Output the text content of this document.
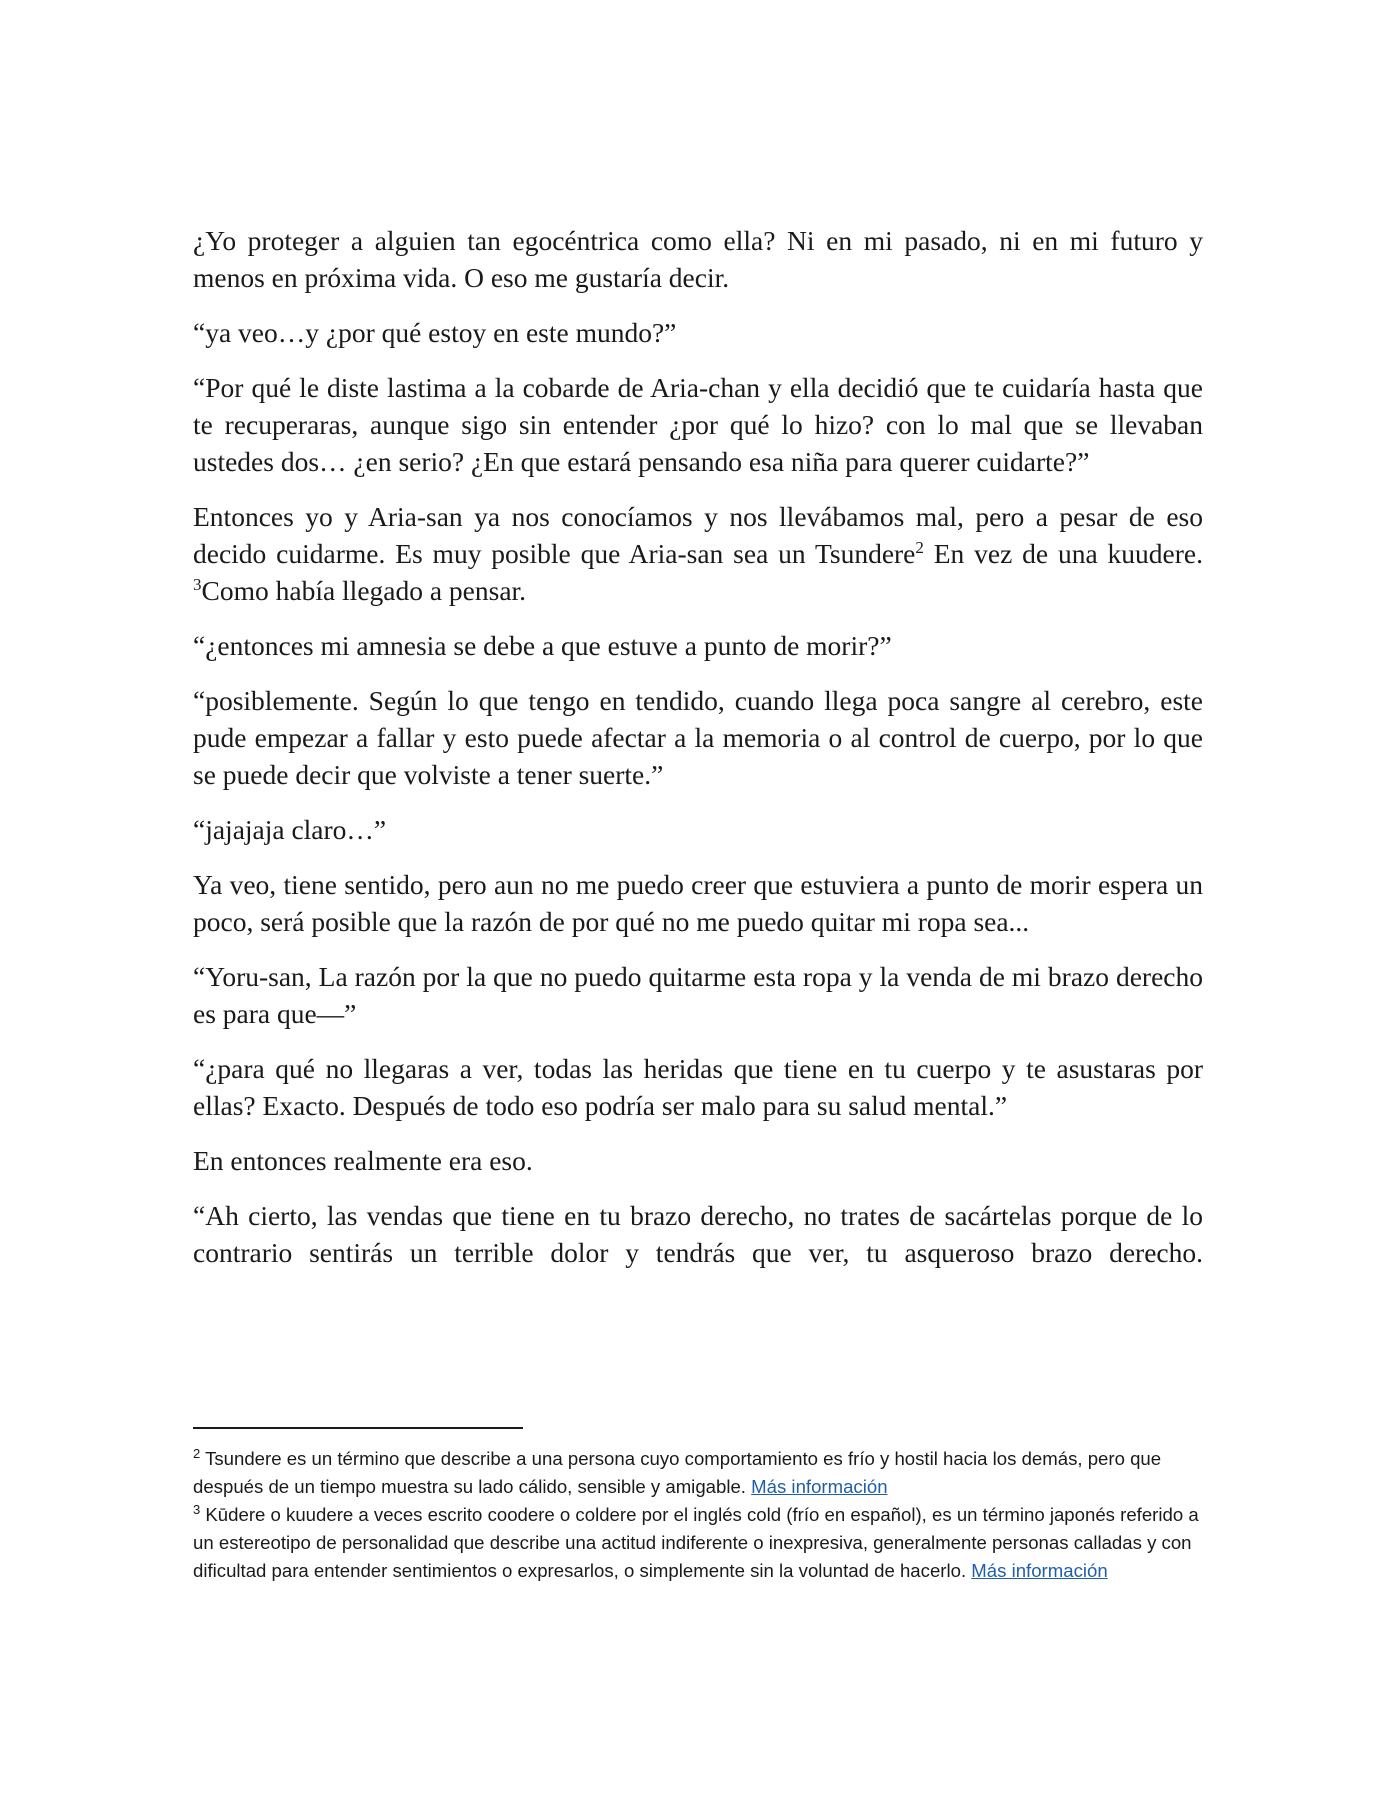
¿Yo proteger a alguien tan egocéntrica como ella? Ni en mi pasado, ni en mi futuro y menos en próxima vida. O eso me gustaría decir.

“ya veo…y ¿por qué estoy en este mundo?”

“Por qué le diste lastima a la cobarde de Aria-chan y ella decidió que te cuidaría hasta que te recuperaras, aunque sigo sin entender ¿por qué lo hizo? con lo mal que se llevaban ustedes dos… ¿en serio? ¿En que estará pensando esa niña para querer cuidarte?”

Entonces yo y Aria-san ya nos conocíamos y nos llevábamos mal, pero a pesar de eso decido cuidarme. Es muy posible que Aria-san sea un Tsundere$^2$ En vez de una kuudere. $^3$Como había llegado a pensar.

“¿entonces mi amnesia se debe a que estuve a punto de morir?”

“posiblemente. Según lo que tengo en tendido, cuando llega poca sangre al cerebro, este pude empezar a fallar y esto puede afectar a la memoria o al control de cuerpo, por lo que se puede decir que volviste a tener suerte.”

“jajajaja claro…”

Ya veo, tiene sentido, pero aun no me puedo creer que estuviera a punto de morir espera un poco, será posible que la razón de por qué no me puedo quitar mi ropa sea...

“Yoru-san, La razón por la que no puedo quitarme esta ropa y la venda de mi brazo derecho es para que—”

“¿para qué no llegaras a ver, todas las heridas que tiene en tu cuerpo y te asustaras por ellas? Exacto. Después de todo eso podría ser malo para su salud mental.”

En entonces realmente era eso.

“Ah cierto, las vendas que tiene en tu brazo derecho, no trates de sacártelas porque de lo contrario sentirás un terrible dolor y tendrás que ver, tu asqueroso brazo derecho.

$^2$ Tsundere es un término que describe a una persona cuyo comportamiento es frío y hostil hacia los demás, pero que después de un tiempo muestra su lado cálido, sensible y amigable. Más información

$^3$ Kūdere o kuudere a veces escrito coodere o coldere por el inglés cold (frío en español), es un término japonés referido a un estereotipo de personalidad que describe una actitud indiferente o inexpresiva, generalmente personas calladas y con dificultad para entender sentimientos o expresarlos, o simplemente sin la voluntad de hacerlo. Más información
